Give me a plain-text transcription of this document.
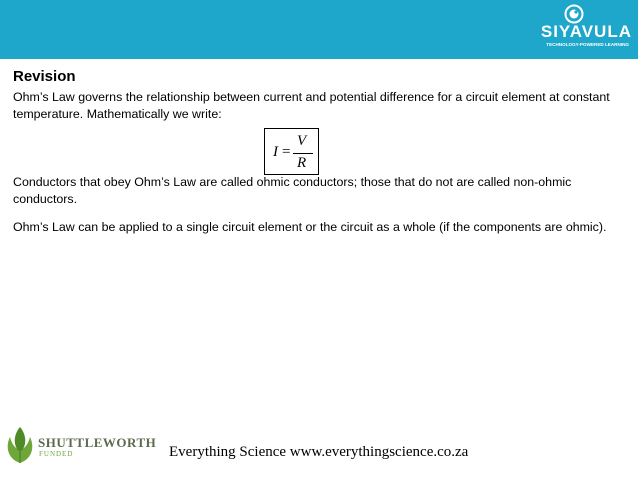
SIYAVULA
TECHNOLOGY-POWERED LEARNING
Revision

Ohm’s Law governs the relationship between current and potential difference for a circuit element at constant temperature. Mathematically we write:

I =
V
R

Conductors that obey Ohm’s Law are called ohmic conductors; those that do not are called non-ohmic conductors.

Ohm’s Law can be applied to a single circuit element or the circuit as a whole (if the components are ohmic).

SHUTTLEWORTH
FUNDED	Everything Science www.everythingscience.co.za
